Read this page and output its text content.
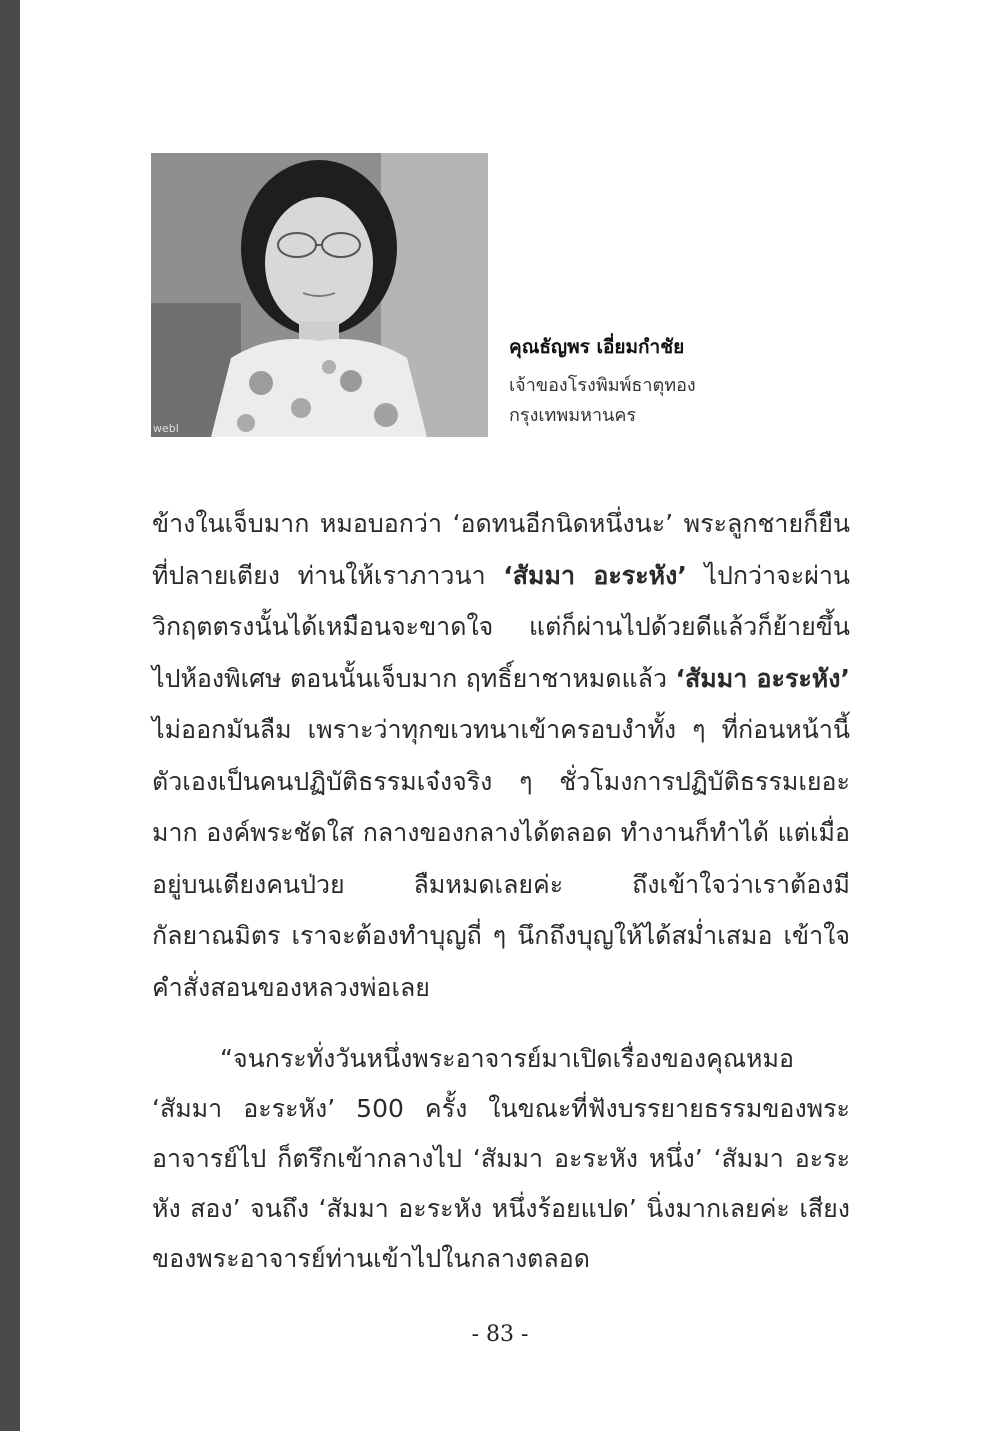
webl

คุณธัญพร เอี่ยมกำชัย

เจ้าของโรงพิมพ์ธาตุทอง

กรุงเทพมหานคร

ข้างในเจ็บมาก หมอบอกว่า ‘อดทนอีกนิดหนึ่งนะ’ พระลูกชายก็ยืนที่ปลายเตียง ท่านให้เราภาวนา ‘สัมมา อะระหัง’ ไปกว่าจะผ่านวิกฤตตรงนั้นได้เหมือนจะขาดใจ แต่ก็ผ่านไปด้วยดีแล้วก็ย้ายขึ้นไปห้องพิเศษ ตอนนั้นเจ็บมาก ฤทธิ์ยาชาหมดแล้ว ‘สัมมา อะระหัง’ ไม่ออกมันลืม เพราะว่าทุกขเวทนาเข้าครอบงำทั้ง ๆ ที่ก่อนหน้านี้ ตัวเองเป็นคนปฏิบัติธรรมเจ๋งจริง ๆ ชั่วโมงการปฏิบัติธรรมเยอะมาก องค์พระชัดใส กลางของกลางได้ตลอด ทำงานก็ทำได้ แต่เมื่ออยู่บนเตียงคนป่วย ลืมหมดเลยค่ะ ถึงเข้าใจว่าเราต้องมีกัลยาณมิตร เราจะต้องทำบุญถี่ ๆ นึกถึงบุญให้ได้สม่ำเสมอ เข้าใจคำสั่งสอนของหลวงพ่อเลย

“จนกระทั่งวันหนึ่งพระอาจารย์มาเปิดเรื่องของคุณหมอ ‘สัมมา อะระหัง’ 500 ครั้ง ในขณะที่ฟังบรรยายธรรมของพระอาจารย์ไป ก็ตรึกเข้ากลางไป ‘สัมมา อะระหัง หนึ่ง’ ‘สัมมา อะระหัง สอง’ จนถึง ‘สัมมา อะระหัง หนึ่งร้อยแปด’ นิ่งมากเลยค่ะ เสียงของพระอาจารย์ท่านเข้าไปในกลางตลอด

- 83 -
